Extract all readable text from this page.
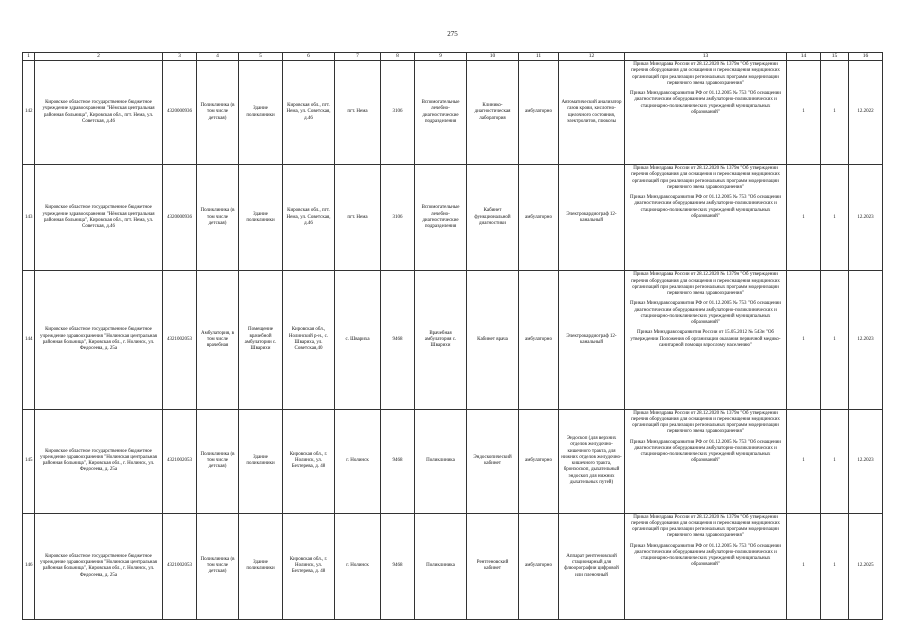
275
1	2	3	4	5	6	7	8	9	10	11	12	13	14	15	16
142	Кировское областное государственное бюджетное учреждение здравоохранения "Нёмская центральная районная больница", Кировская обл., пгт. Нема, ул. Советская, д.46	4320000936	Поликлиника (в том числе детская)	Здание поликлиники	Кировская обл., пгт. Нема, ул. Советская, д.46	пгт. Нема	3106	Вспомогательные лечебно-диагностические подразделения	Клинико-диагностическая лаборатория	амбулаторно	Автоматический анализатор газов крови, кислотно-щелочного состояния, электролитов, глюкозы	Приказ Минздрава России от 28.12.2020 № 1379н "Об утверждении перечня оборудования для оснащения и переоснащения медицинских организаций при реализации региональных программ модернизации первичного звена здравоохранения"

Приказ Минздравсоцразвития РФ от 01.12.2005 № 753 "Об оснащении диагностическим оборудованием амбулаторно-поликлинических и стационарно-поликлинических учреждений муниципальных образований"	1	1	12.2022
143	Кировское областное государственное бюджетное учреждение здравоохранения "Нёмская центральная районная больница", Кировская обл., пгт. Нема, ул. Советская, д.46	4320000936	Поликлиника (в том числе детская)	Здание поликлиники	Кировская обл., пгт. Нема, ул. Советская, д.46	пгт. Нема	3106	Вспомогательные лечебно-диагностические подразделения	Кабинет функциональной диагностики	амбулаторно	Электрокардиограф 12-канальный	Приказ Минздрава России от 28.12.2020 № 1379н "Об утверждении перечня оборудования для оснащения и переоснащения медицинских организаций при реализации региональных программ модернизации первичного звена здравоохранения"

Приказ Минздравсоцразвития РФ от 01.12.2005 № 753 "Об оснащении диагностическим оборудованием амбулаторно-поликлинических и стационарно-поликлинических учреждений муниципальных образований"	1	1	12.2023
144	Кировское областное государственное бюджетное учреждение здравоохранения "Нолинская центральная районная больница", Кировская обл., г. Нолинск, ул. Федосеева, д. 25а	4321002053	Амбулатория, в том числе врачебная	Помещение врачебной амбулатории с. Шварихи	Кировская обл., Нолинский р-н., с. Швариха, ул. Советская,40	с. Швариха	9468	Врачебная амбулатория с. Шварихи	Кабинет врача	амбулаторно	Электрокардиограф 12-канальный	Приказ Минздрава России от 28.12.2020 № 1379н "Об утверждении перечня оборудования для оснащения и переоснащения медицинских организаций при реализации региональных программ модернизации первичного звена здравоохранения"

Приказ Минздравсоцразвития РФ от 01.12.2005 № 753 "Об оснащении диагностическим оборудованием амбулаторно-поликлинических и стационарно-поликлинических учреждений муниципальных образований"

Приказ Минздравсоцразвития России от 15.05.2012 № 543н "Об утверждении Положения об организации оказания первичной медико-санитарной помощи взрослому населению"	1	1	12.2023
145	Кировское областное государственное бюджетное учреждение здравоохранения "Нолинская центральная районная больница", Кировская обл., г. Нолинск, ул. Федосеева, д. 25а	4321002053	Поликлиника (в том числе детская)	Здание поликлиники	Кировская обл., г. Нолинск, ул. Бехтерева, д. 48	г. Нолинск	9468	Поликлиника	Эндоскопический кабинет	амбулаторно	Эндоскоп (для верхних отделов желудочно-кишечного тракта, для нижних отделов желудочно-кишечного тракта, бронхоскоп, дыхательный эндоскоп для нижних дыхательных путей)	Приказ Минздрава России от 28.12.2020 № 1379н "Об утверждении перечня оборудования для оснащения и переоснащения медицинских организаций при реализации региональных программ модернизации первичного звена здравоохранения"

Приказ Минздравсоцразвития РФ от 01.12.2005 № 753 "Об оснащении диагностическим оборудованием амбулаторно-поликлинических и стационарно-поликлинических учреждений муниципальных образований"	1	1	12.2023
146	Кировское областное государственное бюджетное учреждение здравоохранения "Нолинская центральная районная больница", Кировская обл., г. Нолинск, ул. Федосеева, д. 25а	4321002053	Поликлиника (в том числе детская)	Здание поликлиники	Кировская обл., г. Нолинск, ул. Бехтерева, д. 48	г. Нолинск	9468	Поликлиника	Рентгеновский кабинет	амбулаторно	Аппарат рентгеновский стационарный для флюорографии цифровой или пленочный	Приказ Минздрава России от 28.12.2020 № 1379н "Об утверждении перечня оборудования для оснащения и переоснащения медицинских организаций при реализации региональных программ модернизации первичного звена здравоохранения"

Приказ Минздравсоцразвития РФ от 01.12.2005 № 753 "Об оснащении диагностическим оборудованием амбулаторно-поликлинических и стационарно-поликлинических учреждений муниципальных образований"	1	1	12.2025
